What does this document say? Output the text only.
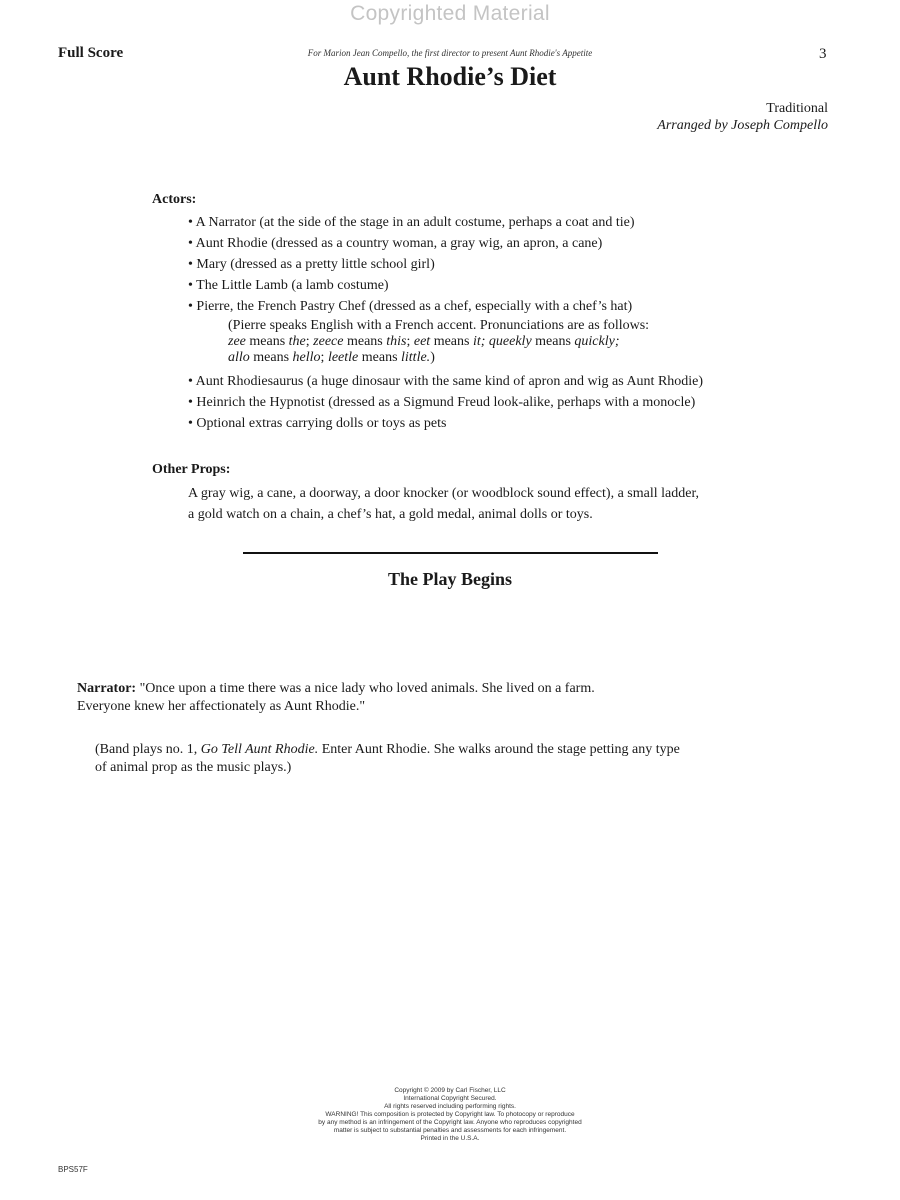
Copyrighted Material
Full Score	For Marion Jean Compello, the first director to present Aunt Rhodie's Appetite	3
Aunt Rhodie’s Diet
Traditional
Arranged by Joseph Compello
Actors:
• A Narrator (at the side of the stage in an adult costume, perhaps a coat and tie)
• Aunt Rhodie (dressed as a country woman, a gray wig, an apron, a cane)
• Mary (dressed as a pretty little school girl)
• The Little Lamb (a lamb costume)
• Pierre, the French Pastry Chef (dressed as a chef, especially with a chef’s hat)
(Pierre speaks English with a French accent. Pronunciations are as follows:
zee means the; zeece means this; eet means it; queekly means quickly;
allo means hello; leetle means little.)
• Aunt Rhodiesaurus (a huge dinosaur with the same kind of apron and wig as Aunt Rhodie)
• Heinrich the Hypnotist (dressed as a Sigmund Freud look-alike, perhaps with a monocle)
• Optional extras carrying dolls or toys as pets
Other Props:
A gray wig, a cane, a doorway, a door knocker (or woodblock sound effect), a small ladder,
a gold watch on a chain, a chef’s hat, a gold medal, animal dolls or toys.
The Play Begins
Narrator: "Once upon a time there was a nice lady who loved animals. She lived on a farm.
Everyone knew her affectionately as Aunt Rhodie."
(Band plays no. 1, Go Tell Aunt Rhodie. Enter Aunt Rhodie. She walks around the stage petting any type
of animal prop as the music plays.)
Copyright © 2009 by Carl Fischer, LLC
International Copyright Secured.
All rights reserved including performing rights.
WARNING! This composition is protected by Copyright law. To photocopy or reproduce
by any method is an infringement of the Copyright law. Anyone who reproduces copyrighted
matter is subject to substantial penalties and assessments for each infringement.
Printed in the U.S.A.
BPS57F
